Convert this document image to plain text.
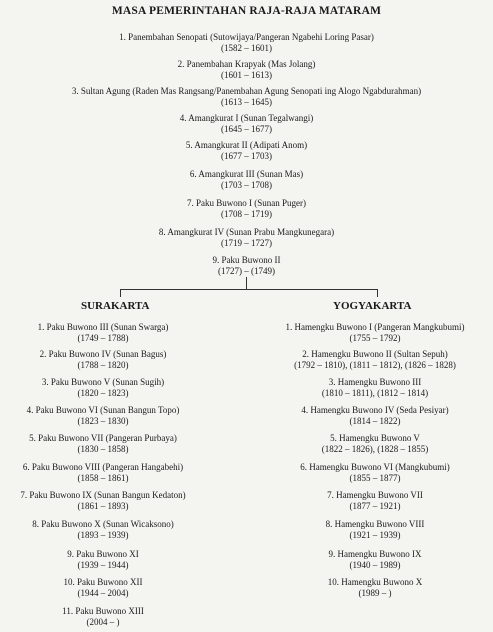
MASA PEMERINTAHAN RAJA-RAJA MATARAM
1. Panembahan Senopati (Sutowijaya/Pangeran Ngabehi Loring Pasar)
(1582 – 1601)
2. Panembahan Krapyak (Mas Jolang)
(1601 – 1613)
3. Sultan Agung (Raden Mas Rangsang/Panembahan Agung Senopati ing Alogo Ngabdurahman)
(1613 – 1645)
4. Amangkurat I (Sunan Tegalwangi)
(1645 – 1677)
5. Amangkurat II (Adipati Anom)
(1677 – 1703)
6. Amangkurat III (Sunan Mas)
(1703 – 1708)
7. Paku Buwono I (Sunan Puger)
(1708 – 1719)
8. Amangkurat IV (Sunan Prabu Mangkunegara)
(1719 – 1727)
9. Paku Buwono II
(1727) – (1749)
SURAKARTA	YOGYAKARTA
1. Paku Buwono III (Sunan Swarga)
(1749 – 1788)
2. Paku Buwono IV (Sunan Bagus)
(1788 – 1820)
3. Paku Buwono V (Sunan Sugih)
(1820 – 1823)
4. Paku Buwono VI (Sunan Bangun Topo)
(1823 – 1830)
5. Paku Buwono VII (Pangeran Purbaya)
(1830 – 1858)
6. Paku Buwono VIII (Pangeran Hangabehi)
(1858 – 1861)
7. Paku Buwono IX (Sunan Bangun Kedaton)
(1861 – 1893)
8. Paku Buwono X (Sunan Wicaksono)
(1893 – 1939)
9. Paku Buwono XI
(1939 – 1944)
10. Paku Buwono XII
(1944 – 2004)
11. Paku Buwono XIII
(2004 – )
1. Hamengku Buwono I (Pangeran Mangkubumi)
(1755 – 1792)
2. Hamengku Buwono II (Sultan Sepuh)
(1792 – 1810), (1811 – 1812), (1826 – 1828)
3. Hamengku Buwono III
(1810 – 1811), (1812 – 1814)
4. Hamengku Buwono IV (Seda Pesiyar)
(1814 – 1822)
5. Hamengku Buwono V
(1822 – 1826), (1828 – 1855)
6. Hamengku Buwono VI (Mangkubumi)
(1855 – 1877)
7. Hamengku Buwono VII
(1877 – 1921)
8. Hamengku Buwono VIII
(1921 – 1939)
9. Hamengku Buwono IX
(1940 – 1989)
10. Hamengku Buwono X
(1989 – )
